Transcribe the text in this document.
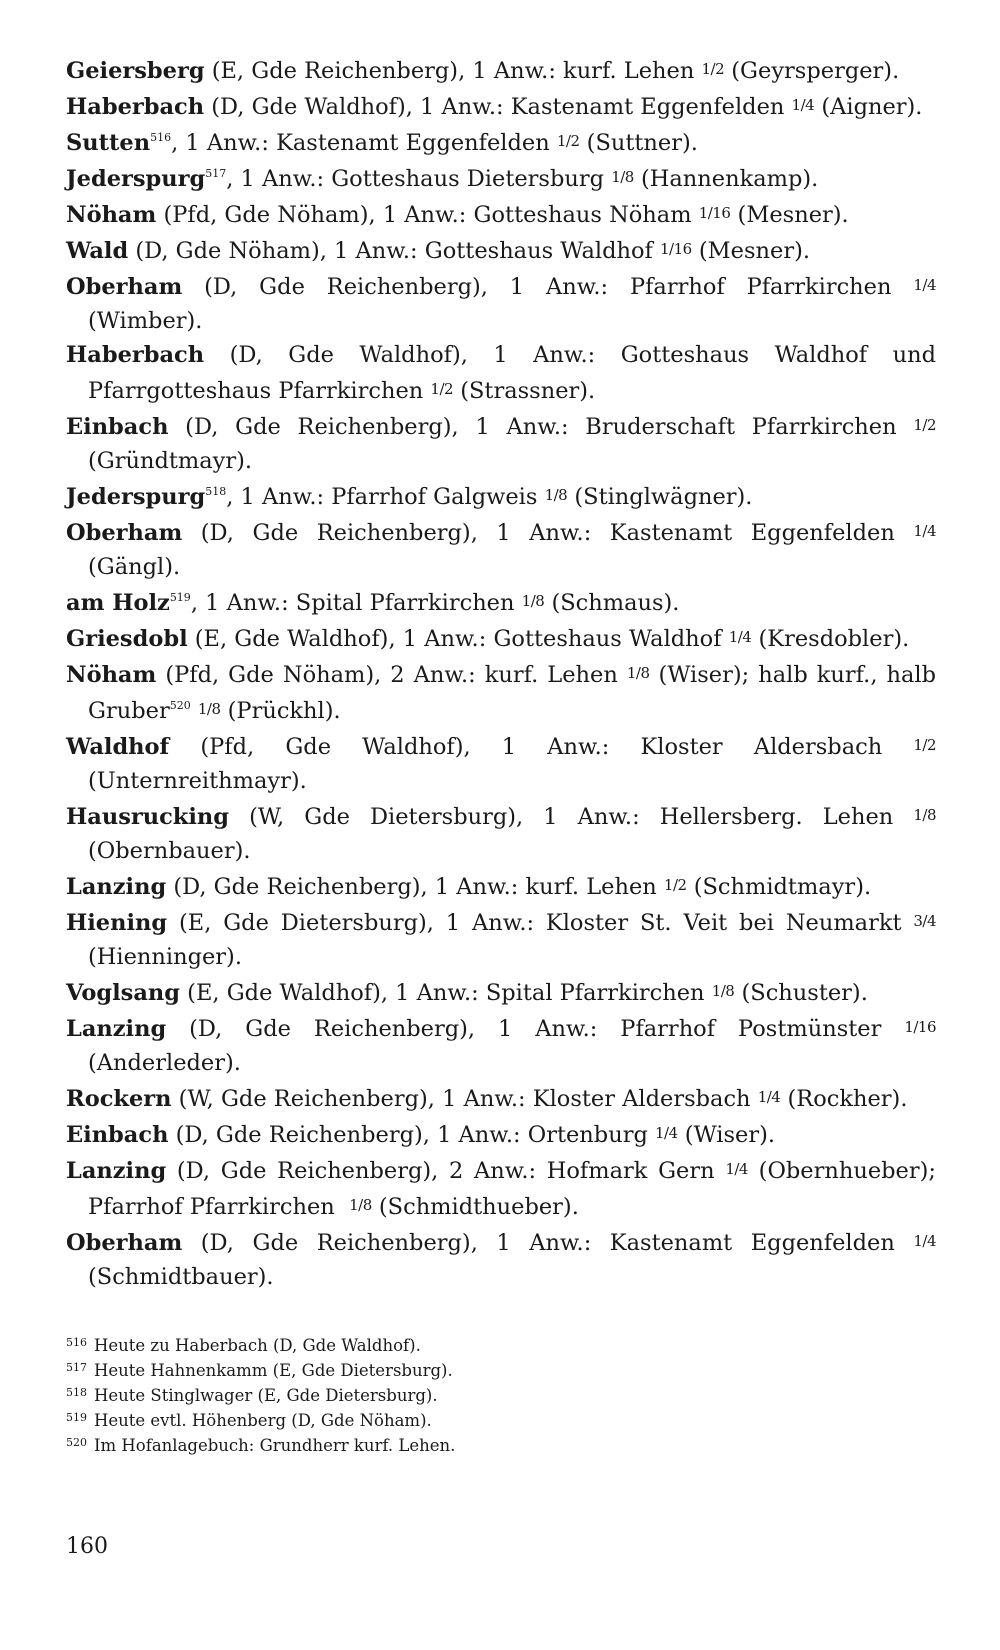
Geiersberg (E, Gde Reichenberg), 1 Anw.: kurf. Lehen 1/2 (Geyrsperger).

Haberbach (D, Gde Waldhof), 1 Anw.: Kastenamt Eggenfelden 1/4 (Aigner).

Sutten$^{516}$, 1 Anw.: Kastenamt Eggenfelden 1/2 (Suttner).

Jederspurg$^{517}$, 1 Anw.: Gotteshaus Dietersburg 1/8 (Hannenkamp).

Nöham (Pfd, Gde Nöham), 1 Anw.: Gotteshaus Nöham 1/16 (Mesner).

Wald (D, Gde Nöham), 1 Anw.: Gotteshaus Waldhof 1/16 (Mesner).

Oberham (D, Gde Reichenberg), 1 Anw.: Pfarrhof Pfarrkirchen 1/4 (Wimber).

Haberbach (D, Gde Waldhof), 1 Anw.: Gotteshaus Waldhof und Pfarrgotteshaus Pfarrkirchen 1/2 (Strassner).

Einbach (D, Gde Reichenberg), 1 Anw.: Bruderschaft Pfarrkirchen 1/2 (Gründtmayr).

Jederspurg$^{518}$, 1 Anw.: Pfarrhof Galgweis 1/8 (Stinglwägner).

Oberham (D, Gde Reichenberg), 1 Anw.: Kastenamt Eggenfelden 1/4 (Gängl).

am Holz$^{519}$, 1 Anw.: Spital Pfarrkirchen 1/8 (Schmaus).

Griesdobl (E, Gde Waldhof), 1 Anw.: Gotteshaus Waldhof 1/4 (Kresdobler).

Nöham (Pfd, Gde Nöham), 2 Anw.: kurf. Lehen 1/8 (Wiser); halb kurf., halb Gruber$^{520}$ 1/8 (Prückhl).

Waldhof (Pfd, Gde Waldhof), 1 Anw.: Kloster Aldersbach 1/2 (Unternreithmayr).

Hausrucking (W, Gde Dietersburg), 1 Anw.: Hellersberg. Lehen 1/8 (Obernbauer).

Lanzing (D, Gde Reichenberg), 1 Anw.: kurf. Lehen 1/2 (Schmidtmayr).

Hiening (E, Gde Dietersburg), 1 Anw.: Kloster St. Veit bei Neumarkt 3/4 (Hienninger).

Voglsang (E, Gde Waldhof), 1 Anw.: Spital Pfarrkirchen 1/8 (Schuster).

Lanzing (D, Gde Reichenberg), 1 Anw.: Pfarrhof Postmünster 1/16 (Anderleder).

Rockern (W, Gde Reichenberg), 1 Anw.: Kloster Aldersbach 1/4 (Rockher).

Einbach (D, Gde Reichenberg), 1 Anw.: Ortenburg 1/4 (Wiser).

Lanzing (D, Gde Reichenberg), 2 Anw.: Hofmark Gern 1/4 (Obernhueber); Pfarrhof Pfarrkirchen  1/8 (Schmidthueber).

Oberham (D, Gde Reichenberg), 1 Anw.: Kastenamt Eggenfelden 1/4 (Schmidtbauer).

516 Heute zu Haberbach (D, Gde Waldhof).

517 Heute Hahnenkamm (E, Gde Dietersburg).

518 Heute Stinglwager (E, Gde Dietersburg).

519 Heute evtl. Höhenberg (D, Gde Nöham).

520 Im Hofanlagebuch: Grundherr kurf. Lehen.

160
